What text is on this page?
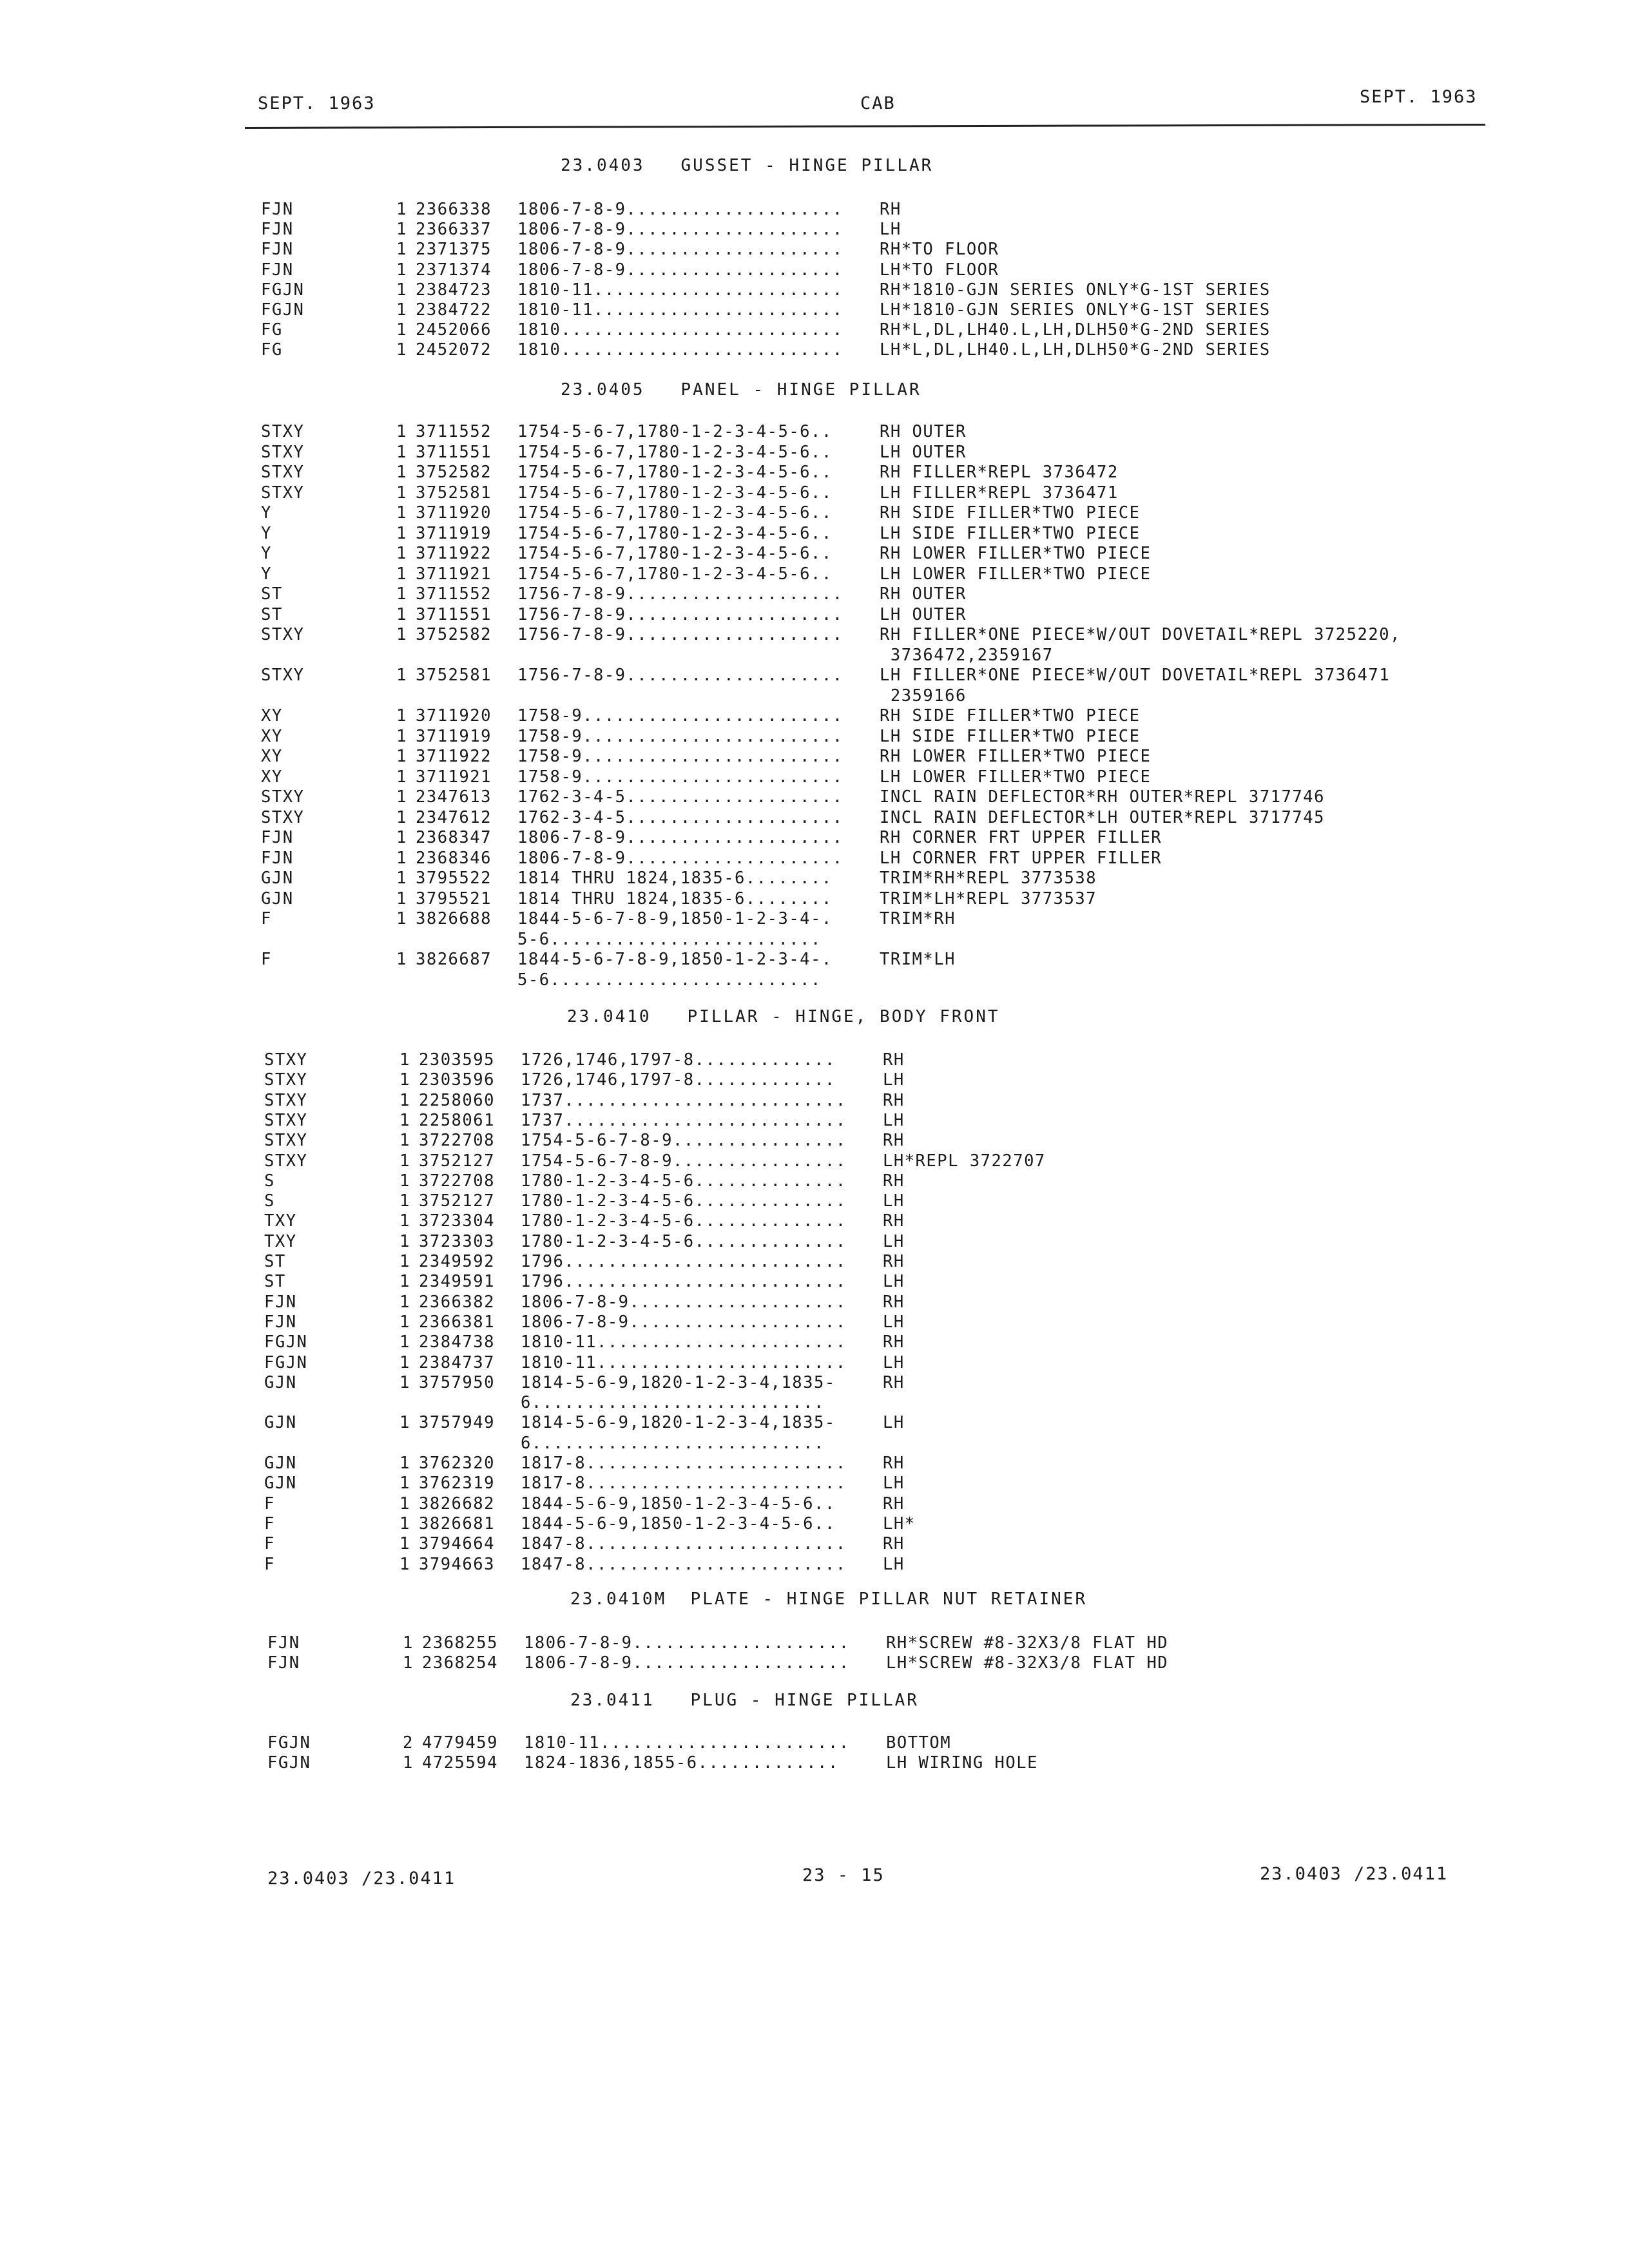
SEPT. 1963	CAB	SEPT. 1963
23.0403   GUSSET - HINGE PILLAR
FJN	1 2366338 1806-7-8-9.................... RH
FJN	1 2366337 1806-7-8-9.................... LH
FJN	1 2371375 1806-7-8-9.................... RH*TO FLOOR
FJN	1 2371374 1806-7-8-9.................... LH*TO FLOOR
FGJN	1 2384723 1810-11....................... RH*1810-GJN SERIES ONLY*G-1ST SERIES
FGJN	1 2384722 1810-11....................... LH*1810-GJN SERIES ONLY*G-1ST SERIES
FG	1 2452066 1810.......................... RH*L,DL,LH40.L,LH,DLH50*G-2ND SERIES
FG	1 2452072 1810.......................... LH*L,DL,LH40.L,LH,DLH50*G-2ND SERIES
23.0405   PANEL - HINGE PILLAR
STXY	1 3711552 1754-5-6-7,1780-1-2-3-4-5-6..	RH OUTER
STXY	1 3711551 1754-5-6-7,1780-1-2-3-4-5-6..	LH OUTER
STXY	1 3752582 1754-5-6-7,1780-1-2-3-4-5-6..	RH FILLER*REPL 3736472
STXY	1 3752581 1754-5-6-7,1780-1-2-3-4-5-6..	LH FILLER*REPL 3736471
Y	1 3711920 1754-5-6-7,1780-1-2-3-4-5-6..	RH SIDE FILLER*TWO PIECE
Y	1 3711919 1754-5-6-7,1780-1-2-3-4-5-6..	LH SIDE FILLER*TWO PIECE
Y	1 3711922 1754-5-6-7,1780-1-2-3-4-5-6..	RH LOWER FILLER*TWO PIECE
Y	1 3711921 1754-5-6-7,1780-1-2-3-4-5-6..	LH LOWER FILLER*TWO PIECE
ST	1 3711552 1756-7-8-9.................... RH OUTER
ST	1 3711551 1756-7-8-9.................... LH OUTER
STXY	1 3752582 1756-7-8-9.................... RH FILLER*ONE PIECE*W/OUT DOVETAIL*REPL 3725220,
3736472,2359167
STXY	1 3752581 1756-7-8-9.................... LH FILLER*ONE PIECE*W/OUT DOVETAIL*REPL 3736471
2359166
XY	1 3711920 1758-9........................ RH SIDE FILLER*TWO PIECE
XY	1 3711919 1758-9........................ LH SIDE FILLER*TWO PIECE
XY	1 3711922 1758-9........................ RH LOWER FILLER*TWO PIECE
XY	1 3711921 1758-9........................ LH LOWER FILLER*TWO PIECE
STXY	1 2347613 1762-3-4-5.................... INCL RAIN DEFLECTOR*RH OUTER*REPL 3717746
STXY	1 2347612 1762-3-4-5.................... INCL RAIN DEFLECTOR*LH OUTER*REPL 3717745
FJN	1 2368347 1806-7-8-9.................... RH CORNER FRT UPPER FILLER
FJN	1 2368346 1806-7-8-9.................... LH CORNER FRT UPPER FILLER
GJN	1 3795522 1814 THRU 1824,1835-6........	TRIM*RH*REPL 3773538
GJN	1 3795521 1814 THRU 1824,1835-6........	TRIM*LH*REPL 3773537
F	1 3826688 1844-5-6-7-8-9,1850-1-2-3-4-.	TRIM*RH
5-6.........................
F	1 3826687 1844-5-6-7-8-9,1850-1-2-3-4-.	TRIM*LH
5-6.........................
23.0410   PILLAR - HINGE, BODY FRONT
STXY	1 2303595 1726,1746,1797-8.............	RH
STXY	1 2303596 1726,1746,1797-8.............	LH
STXY	1 2258060 1737.......................... RH
STXY	1 2258061 1737.......................... LH
STXY	1 3722708 1754-5-6-7-8-9................ RH
STXY	1 3752127 1754-5-6-7-8-9................ LH*REPL 3722707
S	1 3722708 1780-1-2-3-4-5-6.............. RH
S	1 3752127 1780-1-2-3-4-5-6.............. LH
TXY	1 3723304 1780-1-2-3-4-5-6.............. RH
TXY	1 3723303 1780-1-2-3-4-5-6.............. LH
ST	1 2349592 1796.......................... RH
ST	1 2349591 1796.......................... LH
FJN	1 2366382 1806-7-8-9.................... RH
FJN	1 2366381 1806-7-8-9.................... LH
FGJN	1 2384738 1810-11....................... RH
FGJN	1 2384737 1810-11....................... LH
GJN	1 3757950 1814-5-6-9,1820-1-2-3-4,1835-	RH
6...........................
GJN	1 3757949 1814-5-6-9,1820-1-2-3-4,1835-	LH
6...........................
GJN	1 3762320 1817-8........................ RH
GJN	1 3762319 1817-8........................ LH
F	1 3826682 1844-5-6-9,1850-1-2-3-4-5-6..	RH
F	1 3826681 1844-5-6-9,1850-1-2-3-4-5-6..	LH*
F	1 3794664 1847-8........................ RH
F	1 3794663 1847-8........................ LH
23.0410M  PLATE - HINGE PILLAR NUT RETAINER
FJN	1 2368255 1806-7-8-9.................... RH*SCREW #8-32X3/8 FLAT HD
FJN	1 2368254 1806-7-8-9.................... LH*SCREW #8-32X3/8 FLAT HD
23.0411   PLUG - HINGE PILLAR
FGJN	2 4779459 1810-11....................... BOTTOM
FGJN	1 4725594 1824-1836,1855-6.............	LH WIRING HOLE
23.0403 /23.0411	23 - 15	23.0403 /23.0411
